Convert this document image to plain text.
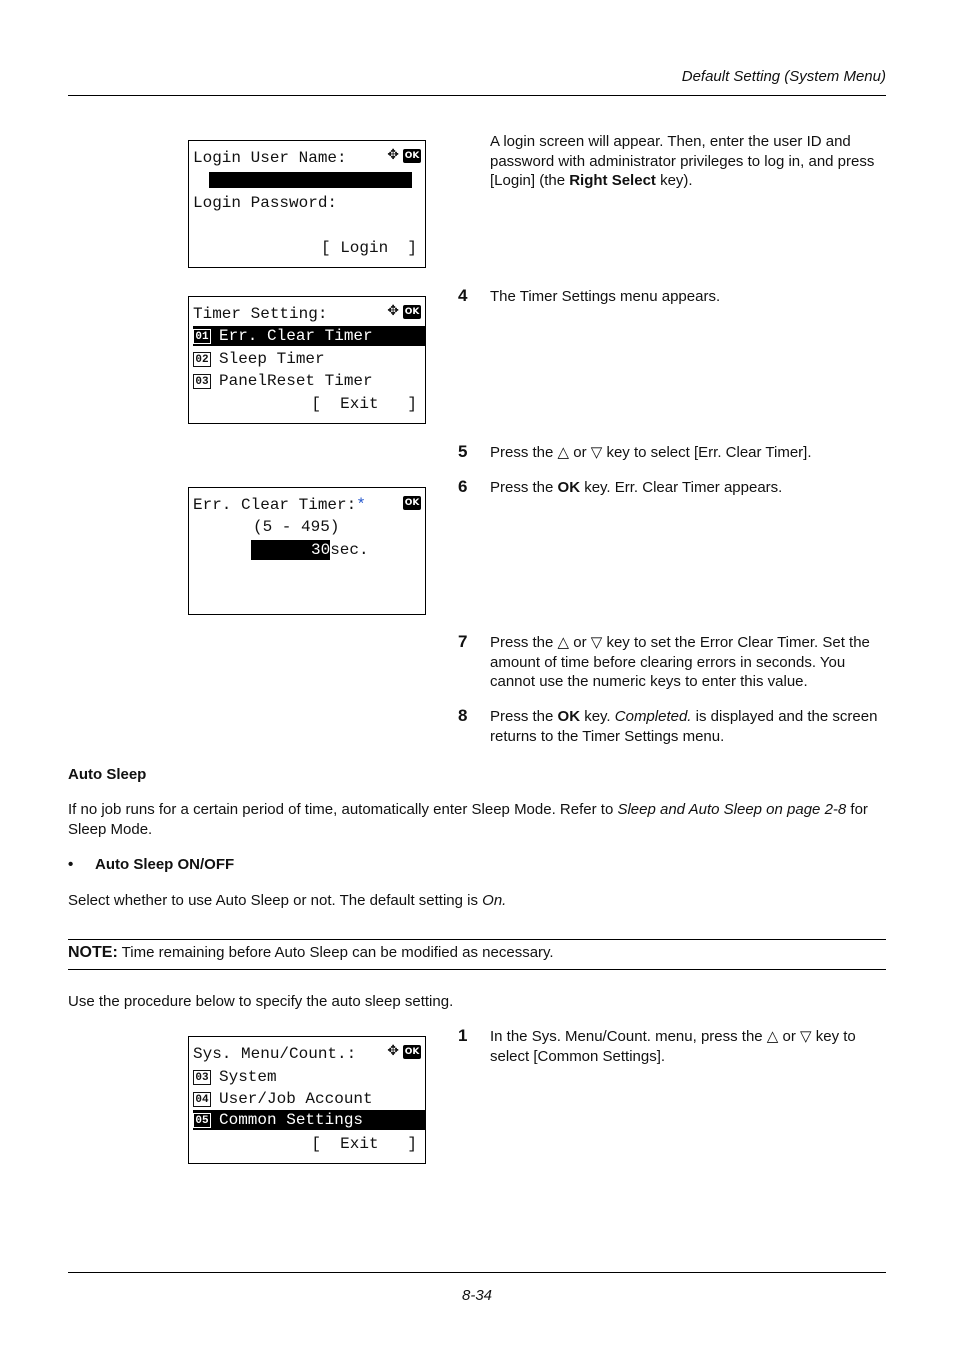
Default Setting (System Menu)
Login User Name:	✥ OK
Login Password:
[ Login  ]
A login screen will appear. Then, enter the user ID and password with administrator privileges to log in, and press [Login] (the Right Select key).
Timer Setting:	✥ OK
01 Err. Clear Timer
02 Sleep Timer
03 PanelReset Timer
[  Exit   ]
4 The Timer Settings menu appears.
5 Press the △ or ▽ key to select [Err. Clear Timer].
6 Press the OK key. Err. Clear Timer appears.
Err. Clear Timer:*	OK
(5 - 495)
30sec.
7 Press the △ or ▽ key to set the Error Clear Timer. Set the amount of time before clearing errors in seconds. You cannot use the numeric keys to enter this value.
8 Press the OK key. Completed. is displayed and the screen returns to the Timer Settings menu.
Auto Sleep
If no job runs for a certain period of time, automatically enter Sleep Mode. Refer to Sleep and Auto Sleep on page 2-8 for Sleep Mode.
• Auto Sleep ON/OFF
Select whether to use Auto Sleep or not. The default setting is On.
NOTE: Time remaining before Auto Sleep can be modified as necessary.
Use the procedure below to specify the auto sleep setting.
Sys. Menu/Count.:	✥ OK
03 System
04 User/Job Account
05 Common Settings
[  Exit   ]
1 In the Sys. Menu/Count. menu, press the △ or ▽ key to select [Common Settings].
8-34
